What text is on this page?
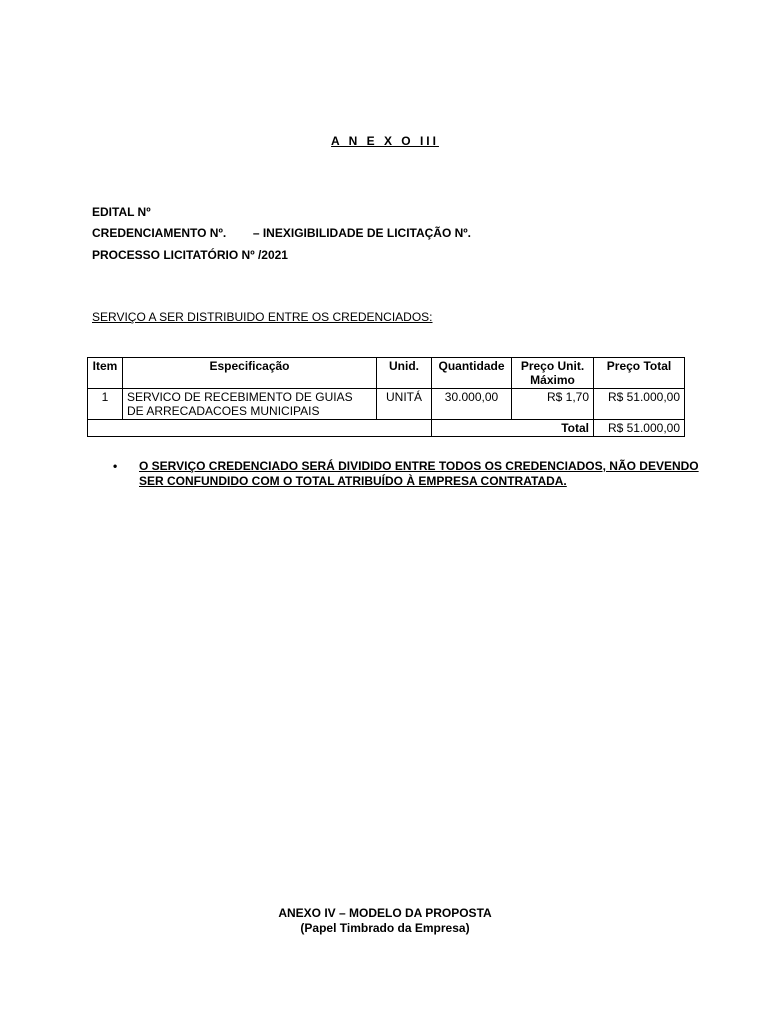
A N E X O III
EDITAL Nº
CREDENCIAMENTO Nº.        – INEXIGIBILIDADE DE LICITAÇÃO Nº.
PROCESSO LICITATÓRIO Nº /2021
SERVIÇO A SER DISTRIBUIDO ENTRE OS CREDENCIADOS:
Item	Especificação	Unid.	Quantidade	Preço Unit. Máximo	Preço Total
1	SERVICO DE RECEBIMENTO DE GUIAS DE ARRECADACOES MUNICIPAIS	UNITÁ	30.000,00	R$ 1,70	R$ 51.000,00
			Total		R$ 51.000,00
• O SERVIÇO CREDENCIADO SERÁ DIVIDIDO ENTRE TODOS OS CREDENCIADOS, NÃO DEVENDO SER CONFUNDIDO COM O TOTAL ATRIBUÍDO À EMPRESA CONTRATADA.
ANEXO IV – MODELO DA PROPOSTA
(Papel Timbrado da Empresa)
